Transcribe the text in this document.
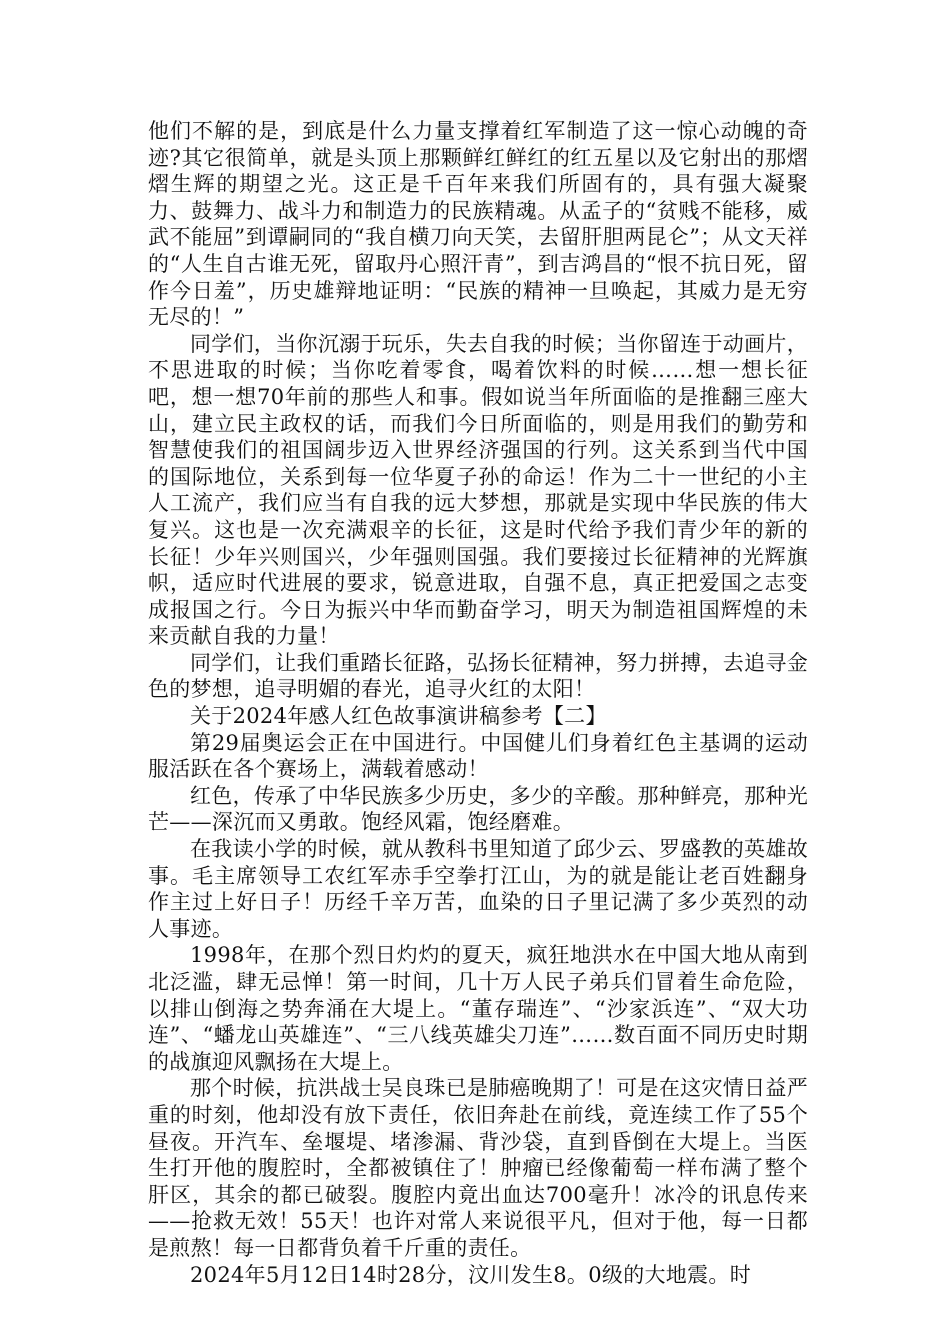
他们不解的是，到底是什么力量支撑着红军制造了这一惊心动魄的奇迹?其它很简单，就是头顶上那颗鲜红鲜红的红五星以及它射出的那熠熠生辉的期望之光。这正是千百年来我们所固有的，具有强大凝聚力、鼓舞力、战斗力和制造力的民族精魂。从孟子的“贫贱不能移，威武不能屈”到谭嗣同的“我自横刀向天笑，去留肝胆两昆仑”；从文天祥的“人生自古谁无死，留取丹心照汗青”，到吉鸿昌的“恨不抗日死，留作今日羞”，历史雄辩地证明：“民族的精神一旦唤起，其威力是无穷无尽的！”

同学们，当你沉溺于玩乐，失去自我的时候；当你留连于动画片，不思进取的时候；当你吃着零食，喝着饮料的时候……想一想长征吧，想一想70年前的那些人和事。假如说当年所面临的是推翻三座大山，建立民主政权的话，而我们今日所面临的，则是用我们的勤劳和智慧使我们的祖国阔步迈入世界经济强国的行列。这关系到当代中国的国际地位，关系到每一位华夏子孙的命运！作为二十一世纪的小主人工流产，我们应当有自我的远大梦想，那就是实现中华民族的伟大复兴。这也是一次充满艰辛的长征，这是时代给予我们青少年的新的长征！少年兴则国兴，少年强则国强。我们要接过长征精神的光辉旗帜，适应时代进展的要求，锐意进取，自强不息，真正把爱国之志变成报国之行。今日为振兴中华而勤奋学习，明天为制造祖国辉煌的未来贡献自我的力量！

同学们，让我们重踏长征路，弘扬长征精神，努力拼搏，去追寻金色的梦想，追寻明媚的春光，追寻火红的太阳！

关于2024年感人红色故事演讲稿参考【二】

第29届奥运会正在中国进行。中国健儿们身着红色主基调的运动服活跃在各个赛场上，满载着感动！

红色，传承了中华民族多少历史，多少的辛酸。那种鲜亮，那种光芒——深沉而又勇敢。饱经风霜，饱经磨难。

在我读小学的时候，就从教科书里知道了邱少云、罗盛教的英雄故事。毛主席领导工农红军赤手空拳打江山，为的就是能让老百姓翻身作主过上好日子！历经千辛万苦，血染的日子里记满了多少英烈的动人事迹。

1998年，在那个烈日灼灼的夏天，疯狂地洪水在中国大地从南到北泛滥，肆无忌惮！第一时间，几十万人民子弟兵们冒着生命危险，以排山倒海之势奔涌在大堤上。“董存瑞连”、“沙家浜连”、“双大功连”、“蟠龙山英雄连”、“三八线英雄尖刀连”……数百面不同历史时期的战旗迎风飘扬在大堤上。

那个时候，抗洪战士吴良珠已是肺癌晚期了！可是在这灾情日益严重的时刻，他却没有放下责任，依旧奔赴在前线，竟连续工作了55个昼夜。开汽车、垒堰堤、堵渗漏、背沙袋，直到昏倒在大堤上。当医生打开他的腹腔时，全都被镇住了！肿瘤已经像葡萄一样布满了整个肝区，其余的都已破裂。腹腔内竟出血达700毫升！冰冷的讯息传来——抢救无效！55天！也许对常人来说很平凡，但对于他，每一日都是煎熬！每一日都背负着千斤重的责任。

2024年5月12日14时28分，汶川发生8。0级的大地震。时
